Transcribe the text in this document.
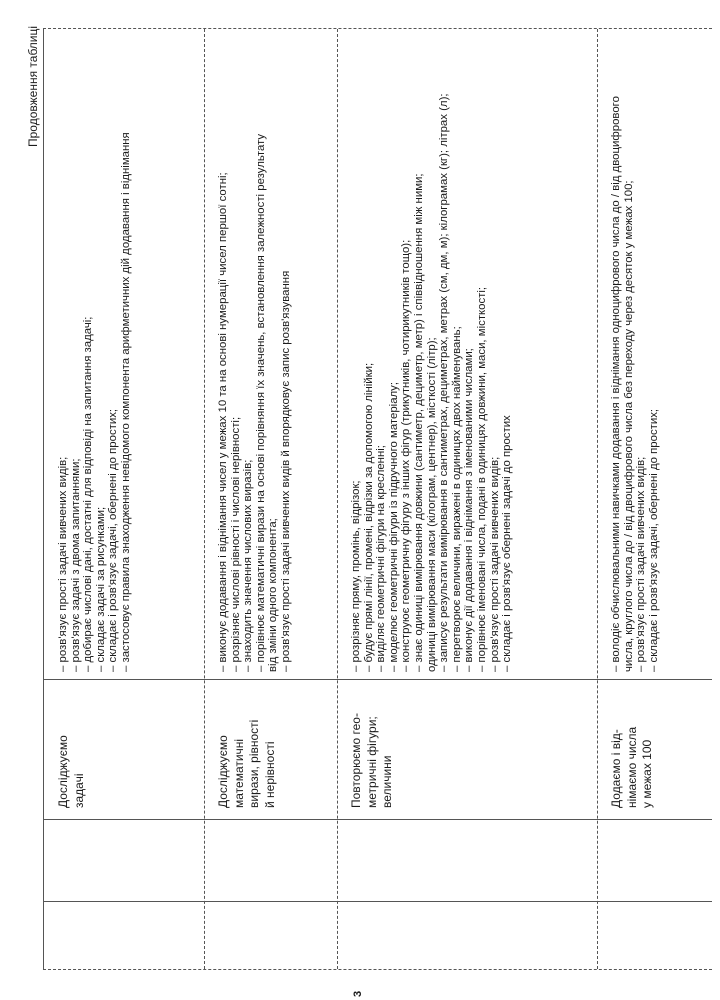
Продовження таблиці
Досліджуємо задачі
– розв'язує прості задачі вивчених видів; – розв'язує задачі з двома запитаннями; – добирає числові дані, достатні для відповіді на запитання задачі; – складає задачі за рисунками; – складає і розв'язує задачі, обернені до простих; – застосовує правила знаходження невідомого компонента арифметичних дій додавання і віднімання
Досліджуємо математичні вирази, рівності й нерівності
– виконує додавання і віднімання чисел у межах 10 та на основі нумерації чисел першої сотні; – розрізняє числові рівності і числові нерівності; – знаходить значення числових виразів; – порівнює математичні вирази на основі порівняння їх значень, встановлення залежності результату від зміни одного компонента; – розв'язує прості задачі вивчених видів й впорядковує запис розв'язування
Повторюємо гео- метричні фігури; величини
– розрізняє пряму, промінь, відрізок; – будує прямі лінії, промені, відрізки за допомогою лінійки; – виділяє геометричні фігури на кресленні; – моделює геометричні фігури із підручного матеріалу; – конструює геометричну фігуру з інших фігур (трикутників, чотирикутників тощо); – знає одиниці вимірювання довжини (сантиметр, дециметр, метр) і співвідношення між ними; одиниці вимірювання маси (кілограм, центнер), місткості (літр); – записує результати вимірювання в сантиметрах, дециметрах, метрах (см, дм, м); кілограмах (кг); літрах (л); – перетворює величини, виражені в одиницях двох найменувань; – виконує дії додавання і віднімання з іменованими числами; – порівнює іменовані числа, подані в одиницях довжини, маси, місткості; – розв'язує прості задачі вивчених видів; – складає і розв'язує обернені задачі до простих
Додаємо і від- німаємо числа у межах 100
– володіє обчислювальними навичками додавання і віднімання одноцифрового числа до / від двоцифрового числа, круглого числа до / від двоцифрового числа без переходу через десяток у межах 100; – розв'язує прості задачі вивчених видів; – складає і розв'язує задачі, обернені до простих;
3
